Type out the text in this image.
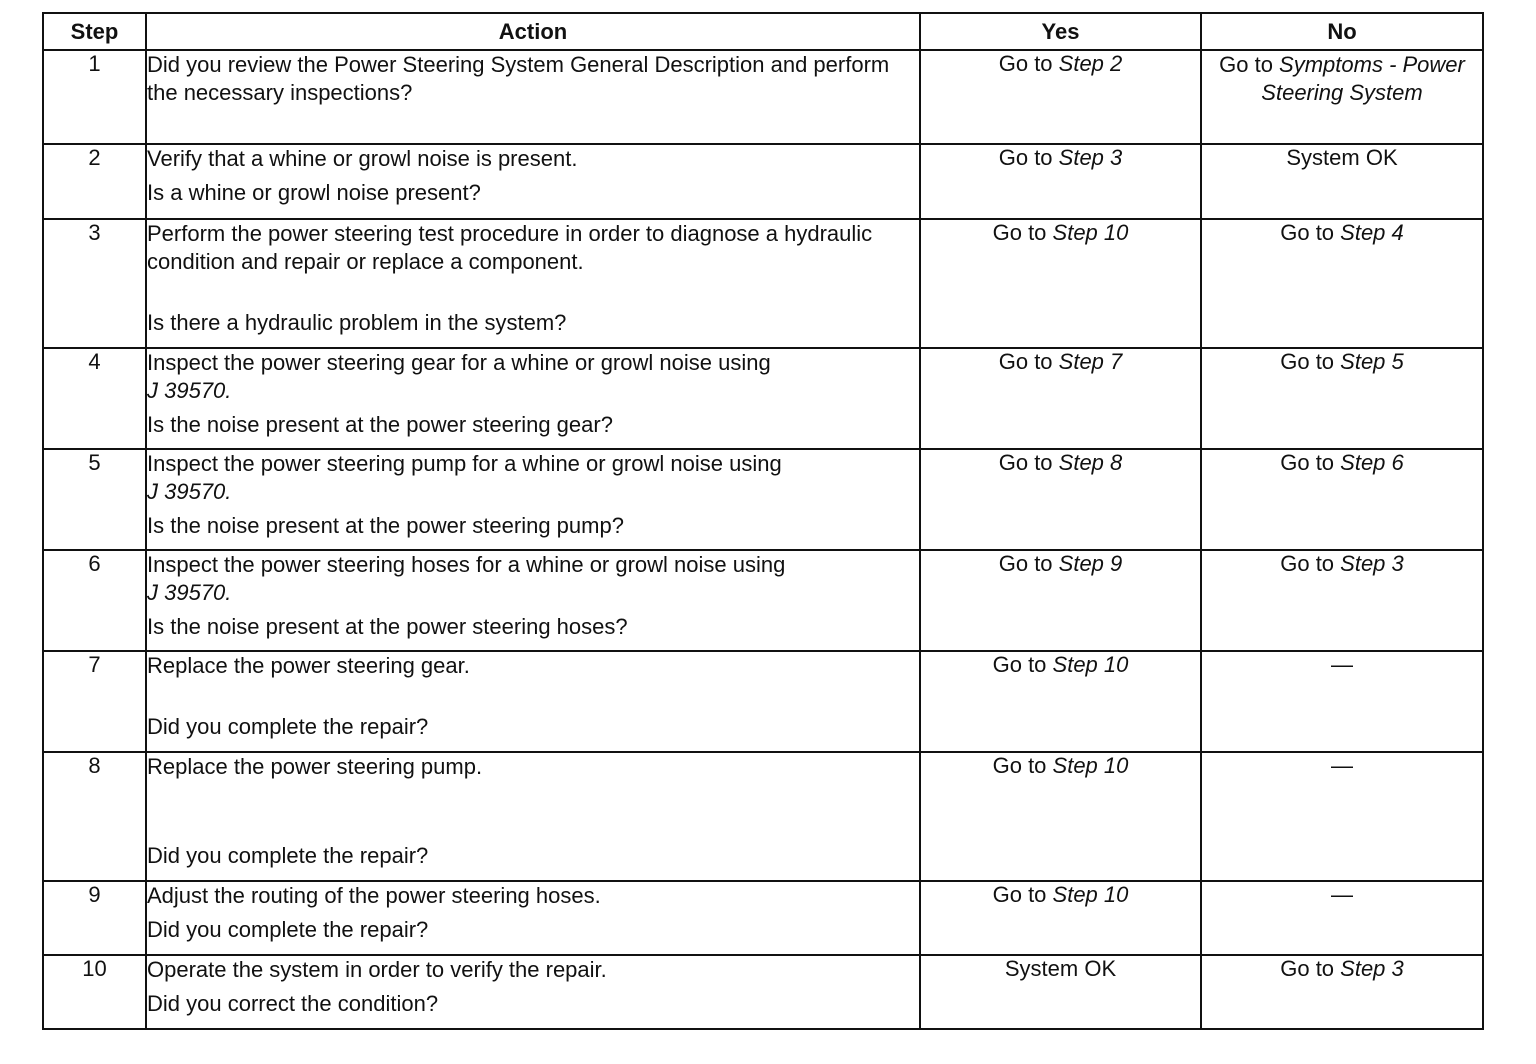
Step	Action	Yes	No
1	Did you review the Power Steering System General Description and perform the necessary inspections?	Go to Step 2	Go to Symptoms - Power Steering System
2	Verify that a whine or growl noise is present.
Is a whine or growl noise present?	Go to Step 3	System OK
3	Perform the power steering test procedure in order to diagnose a hydraulic condition and repair or replace a component.
Is there a hydraulic problem in the system?	Go to Step 10	Go to Step 4
4	Inspect the power steering gear for a whine or growl noise using
J 39570.
Is the noise present at the power steering gear?	Go to Step 7	Go to Step 5
5	Inspect the power steering pump for a whine or growl noise using
J 39570.
Is the noise present at the power steering pump?	Go to Step 8	Go to Step 6
6	Inspect the power steering hoses for a whine or growl noise using
J 39570.
Is the noise present at the power steering hoses?	Go to Step 9	Go to Step 3
7	Replace the power steering gear.
Did you complete the repair?	Go to Step 10	—
8	Replace the power steering pump.
Did you complete the repair?	Go to Step 10	—
9	Adjust the routing of the power steering hoses.
Did you complete the repair?	Go to Step 10	—
10	Operate the system in order to verify the repair.
Did you correct the condition?	System OK	Go to Step 3
